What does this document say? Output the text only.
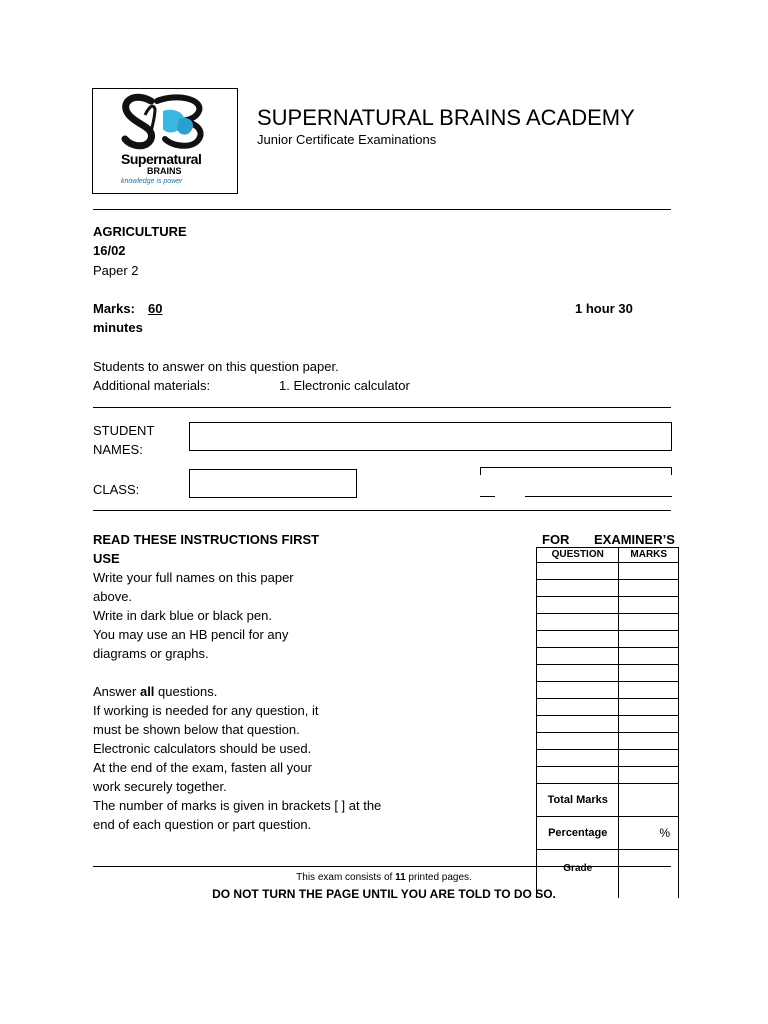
Supernatural
BRAINS
knowledge is power
SUPERNATURAL BRAINS ACADEMY
Junior Certificate Examinations
AGRICULTURE
16/02
Paper 2
Marks: 60	1 hour 30
minutes
Students to answer on this question paper.
Additional materials:	1. Electronic calculator
STUDENT
NAMES:
CLASS:
READ THESE INSTRUCTIONS FIRST
USE
Write your full names on this paper
above.
Write in dark blue or black pen.
You may use an HB pencil for any
diagrams or graphs.
Answer all questions.
If working is needed for any question, it
must be shown below that question.
Electronic calculators should be used.
At the end of the exam, fasten all your
work securely together.
The number of marks is given in brackets [ ] at the
end of each question or part question.
FOR EXAMINER’S
QUESTION	MARKS

Total Marks	
Percentage	%
Grade	
This exam consists of 11 printed pages.
DO NOT TURN THE PAGE UNTIL YOU ARE TOLD TO DO SO.
